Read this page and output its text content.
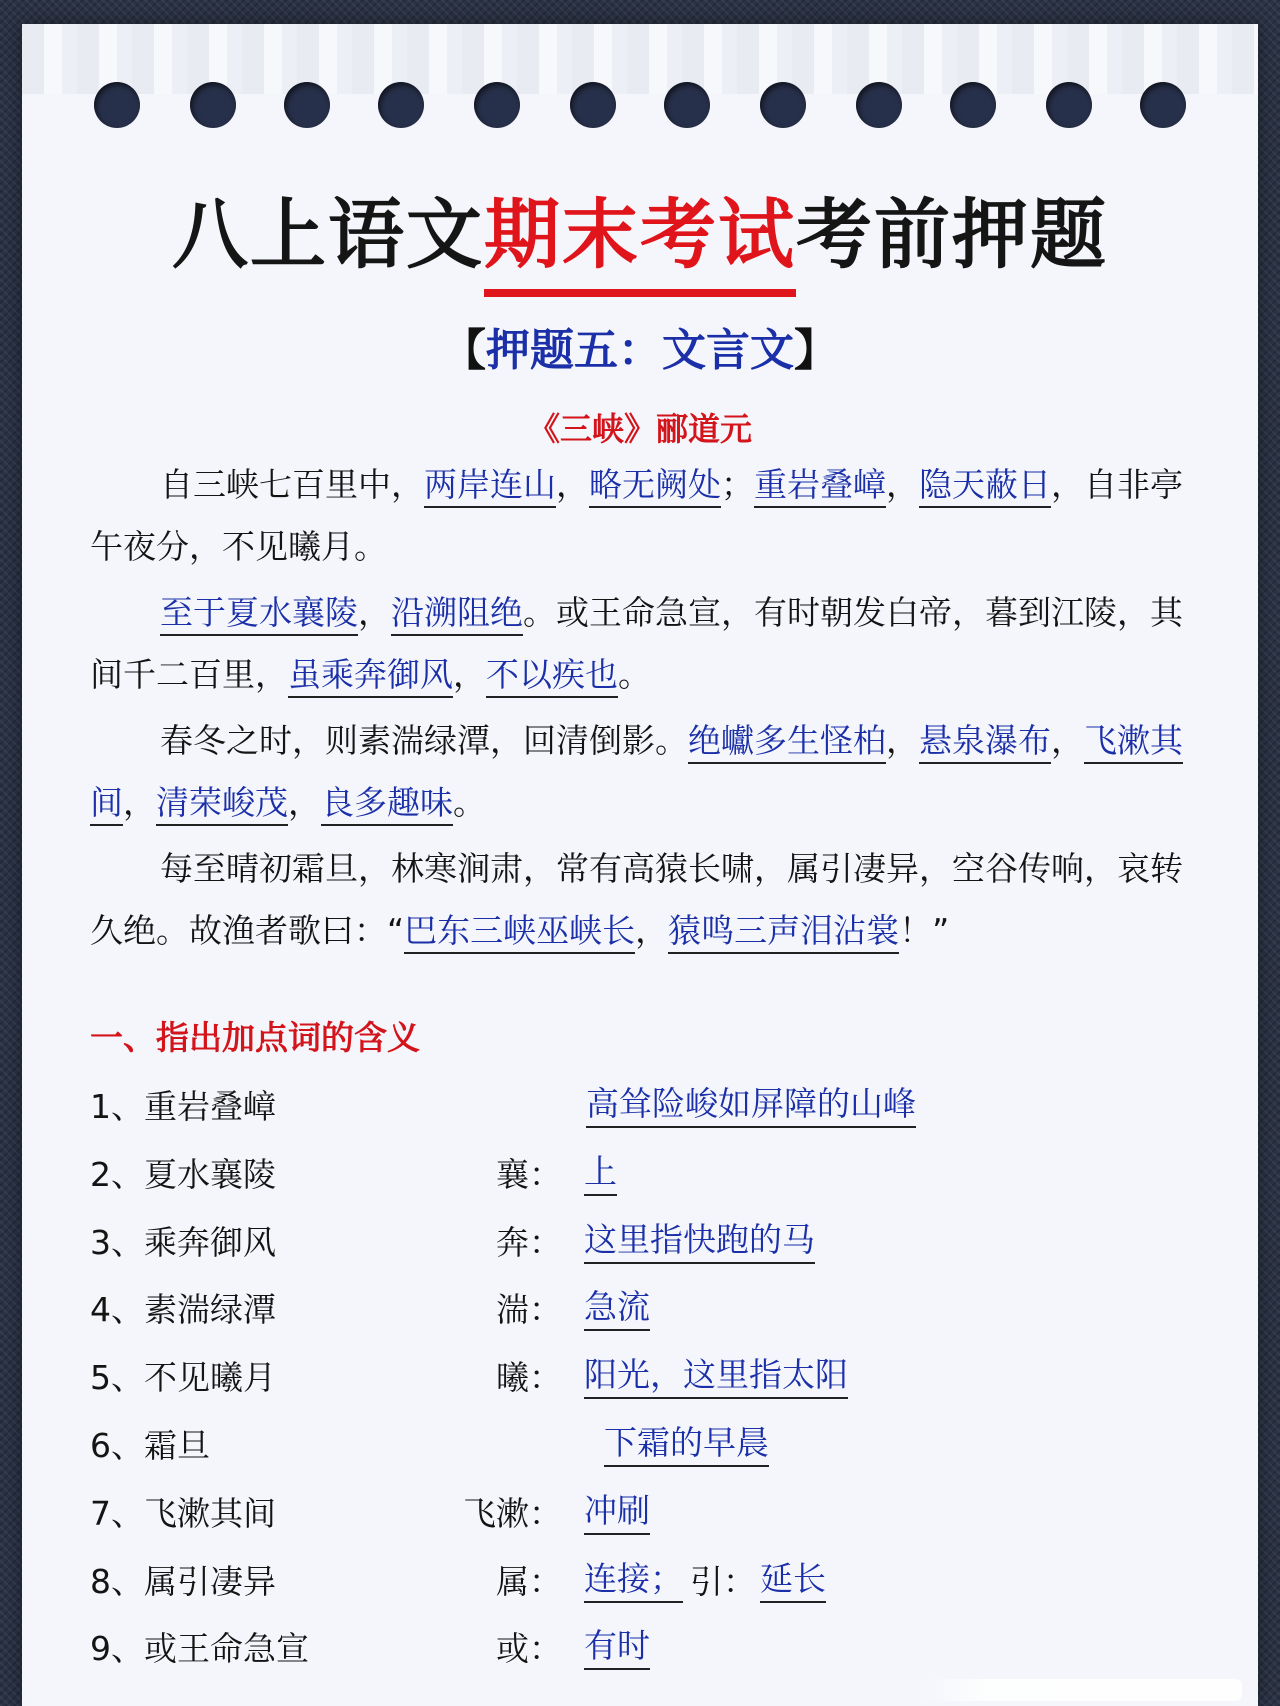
八上语文期末考试考前押题
【押题五：文言文】
《三峡》郦道元

自三峡七百里中，两岸连山，略无阙处；重岩叠嶂，隐天蔽日，自非亭午夜分，不见曦月。

至于夏水襄陵，沿溯阻绝。或王命急宣，有时朝发白帝，暮到江陵，其间千二百里，虽乘奔御风，不以疾也。

春冬之时，则素湍绿潭，回清倒影。绝巘多生怪柏，悬泉瀑布，飞漱其间，清荣峻茂，良多趣味。

每至晴初霜旦，林寒涧肃，常有高猿长啸，属引凄异，空谷传响，哀转久绝。故渔者歌曰：“巴东三峡巫峡长，猿鸣三声泪沾裳！”

一、指出加点词的含义
1、重岩叠嶂	高耸险峻如屏障的山峰
2、夏水襄陵	襄： 上
3、乘奔御风	奔： 这里指快跑的马
4、素湍绿潭	湍： 急流
5、不见曦月	曦： 阳光，这里指太阳
6、霜旦	下霜的早晨
7、飞漱其间	飞漱： 冲刷
8、属引凄异	属： 连接； 引： 延长
9、或王命急宣	或： 有时
